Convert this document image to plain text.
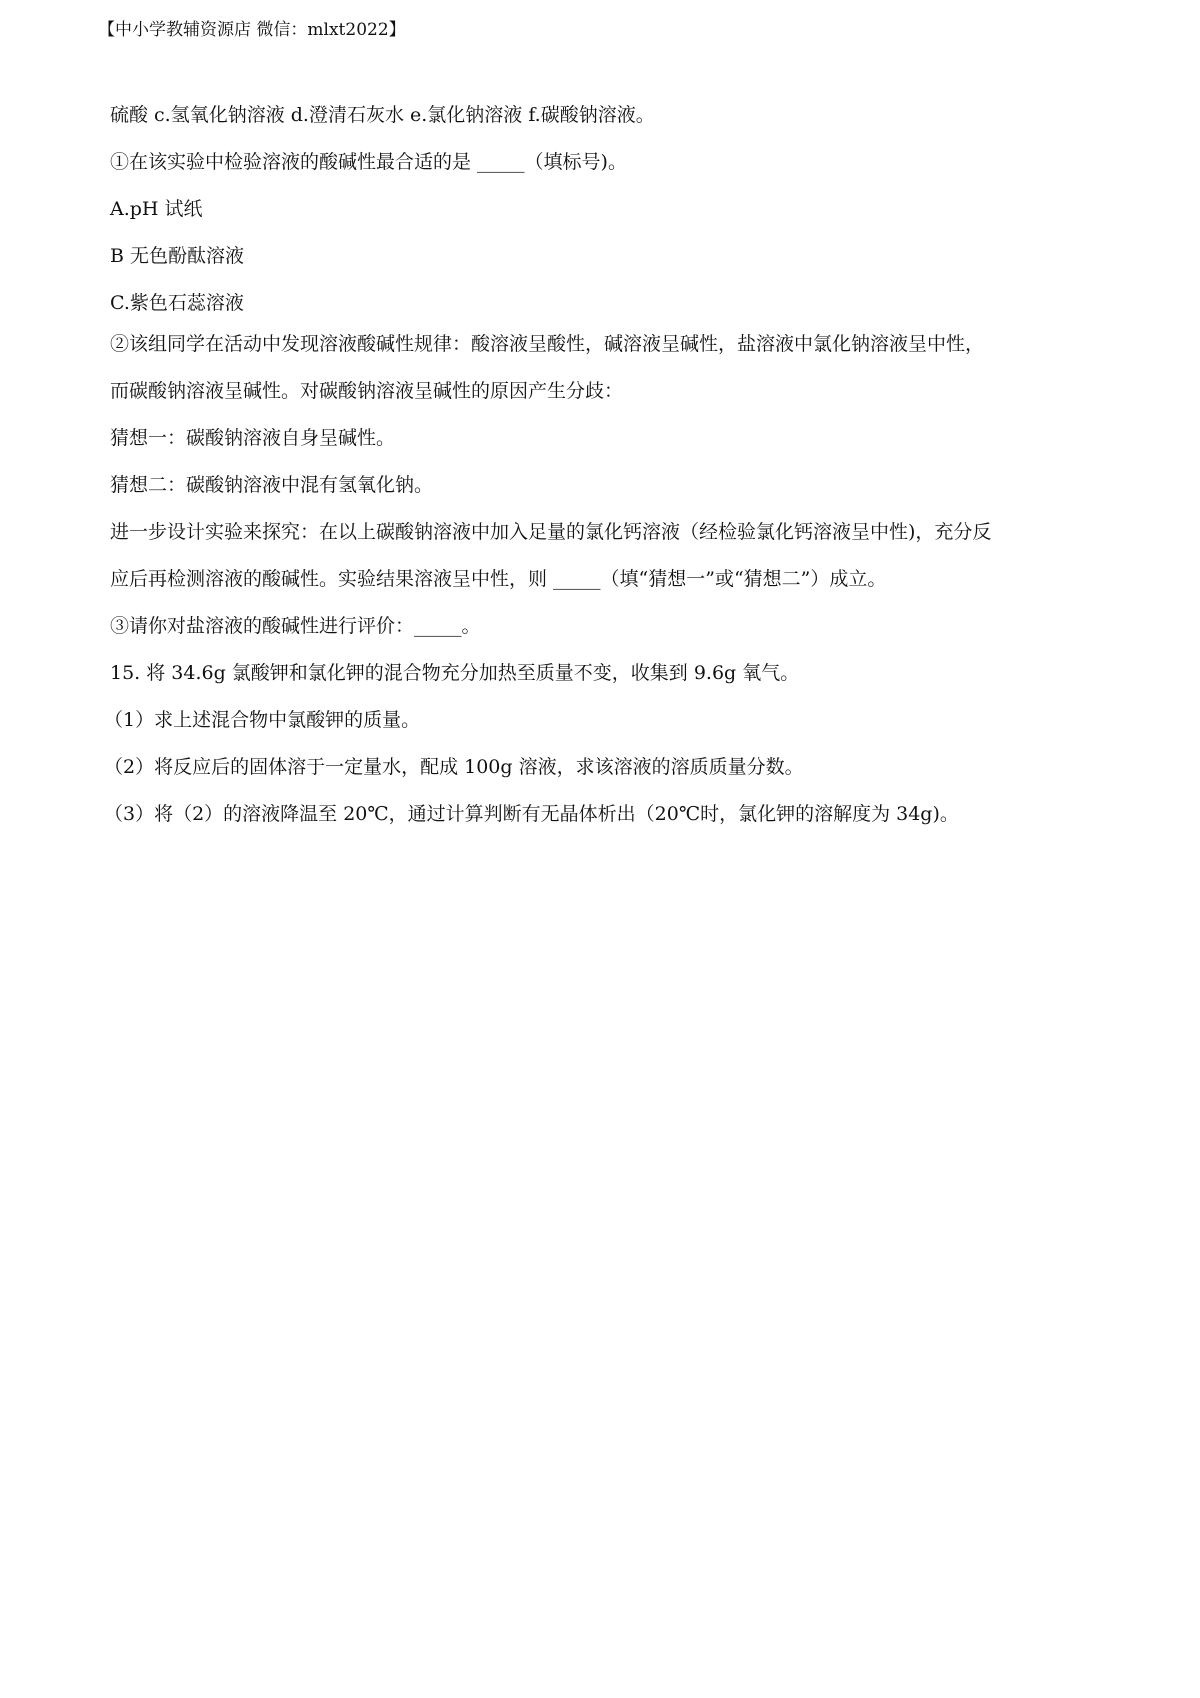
【中小学教辅资源店 微信：mlxt2022】
硫酸 c.氢氧化钠溶液 d.澄清石灰水 e.氯化钠溶液 f.碳酸钠溶液。
①在该实验中检验溶液的酸碱性最合适的是 _____（填标号)。
A.pH 试纸
B 无色酚酞溶液
C.紫色石蕊溶液
②该组同学在活动中发现溶液酸碱性规律：酸溶液呈酸性，碱溶液呈碱性，盐溶液中氯化钠溶液呈中性，
而碳酸钠溶液呈碱性。对碳酸钠溶液呈碱性的原因产生分歧：
猜想一：碳酸钠溶液自身呈碱性。
猜想二：碳酸钠溶液中混有氢氧化钠。
进一步设计实验来探究：在以上碳酸钠溶液中加入足量的氯化钙溶液（经检验氯化钙溶液呈中性)，充分反
应后再检测溶液的酸碱性。实验结果溶液呈中性，则 _____（填“猜想一”或“猜想二”）成立。
③请你对盐溶液的酸碱性进行评价：_____。
15. 将 34.6g 氯酸钾和氯化钾的混合物充分加热至质量不变，收集到 9.6g 氧气。
（1）求上述混合物中氯酸钾的质量。
（2）将反应后的固体溶于一定量水，配成 100g 溶液，求该溶液的溶质质量分数。
（3）将（2）的溶液降温至 20℃，通过计算判断有无晶体析出（20℃时，氯化钾的溶解度为 34g)。
